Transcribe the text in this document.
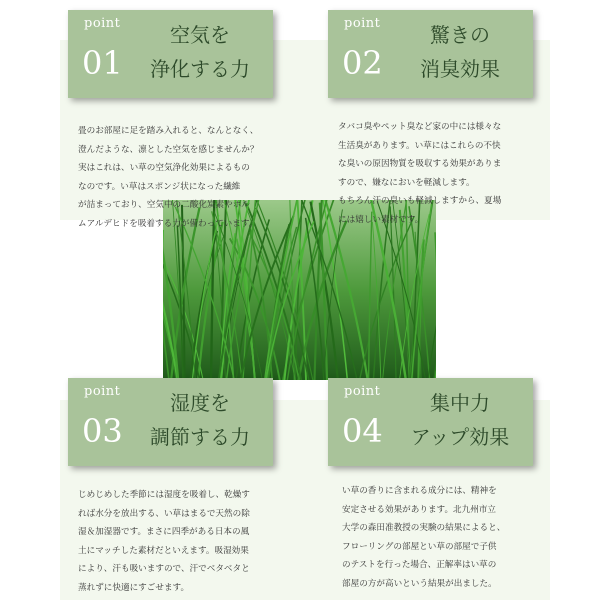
point
01
空気を
浄化する力
畳のお部屋に足を踏み入れると、なんとなく、
澄んだような、凛とした空気を感じませんか？
実はこれは、い草の空気浄化効果によるもの
なのです。い草はスポンジ状になった繊維
が詰まっており、空気中の二酸化炭素やホル
ムアルデヒドを吸着する力が備わっています。
point
02
驚きの
消臭効果
タバコ臭やペット臭など家の中には様々な
生活臭があります。い草にはこれらの不快
な臭いの原因物質を吸収する効果がありま
すので、嫌なにおいを軽減します。
もちろん汗の臭いも軽減しますから、夏場
には嬉しい素材です。
point
03
湿度を
調節する力
じめじめした季節には湿度を吸着し、乾燥す
れば水分を放出する、い草はまるで天然の除
湿＆加湿器です。まさに四季がある日本の風
土にマッチした素材だといえます。吸湿効果
により、汗も吸いますので、汗でベタベタと
蒸れずに快適にすごせます。
point
04
集中力
アップ効果
い草の香りに含まれる成分には、精神を
安定させる効果があります。北九州市立
大学の森田准教授の実験の結果によると、
フローリングの部屋とい草の部屋で子供
のテストを行った場合、正解率はい草の
部屋の方が高いという結果が出ました。
